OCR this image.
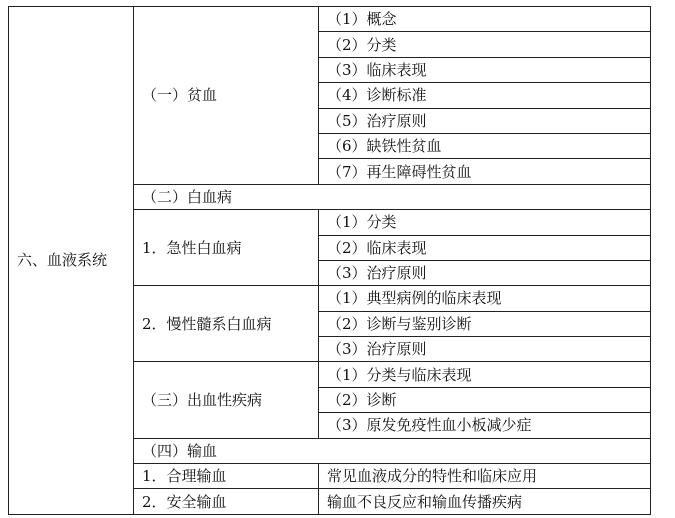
六、血液系统	（一）贫血	（1）概念
		（2）分类
		（3）临床表现
		（4）诊断标准
		（5）治疗原则
		（6）缺铁性贫血
		（7）再生障碍性贫血
	（二）白血病	
	1．急性白血病	（1）分类
		（2）临床表现
		（3）治疗原则
	2．慢性髓系白血病	（1）典型病例的临床表现
		（2）诊断与鉴别诊断
		（3）治疗原则
	（三）出血性疾病	（1）分类与临床表现
		（2）诊断
		（3）原发免疫性血小板减少症
	（四）输血	
	1．合理输血	常见血液成分的特性和临床应用
	2．安全输血	输血不良反应和输血传播疾病
